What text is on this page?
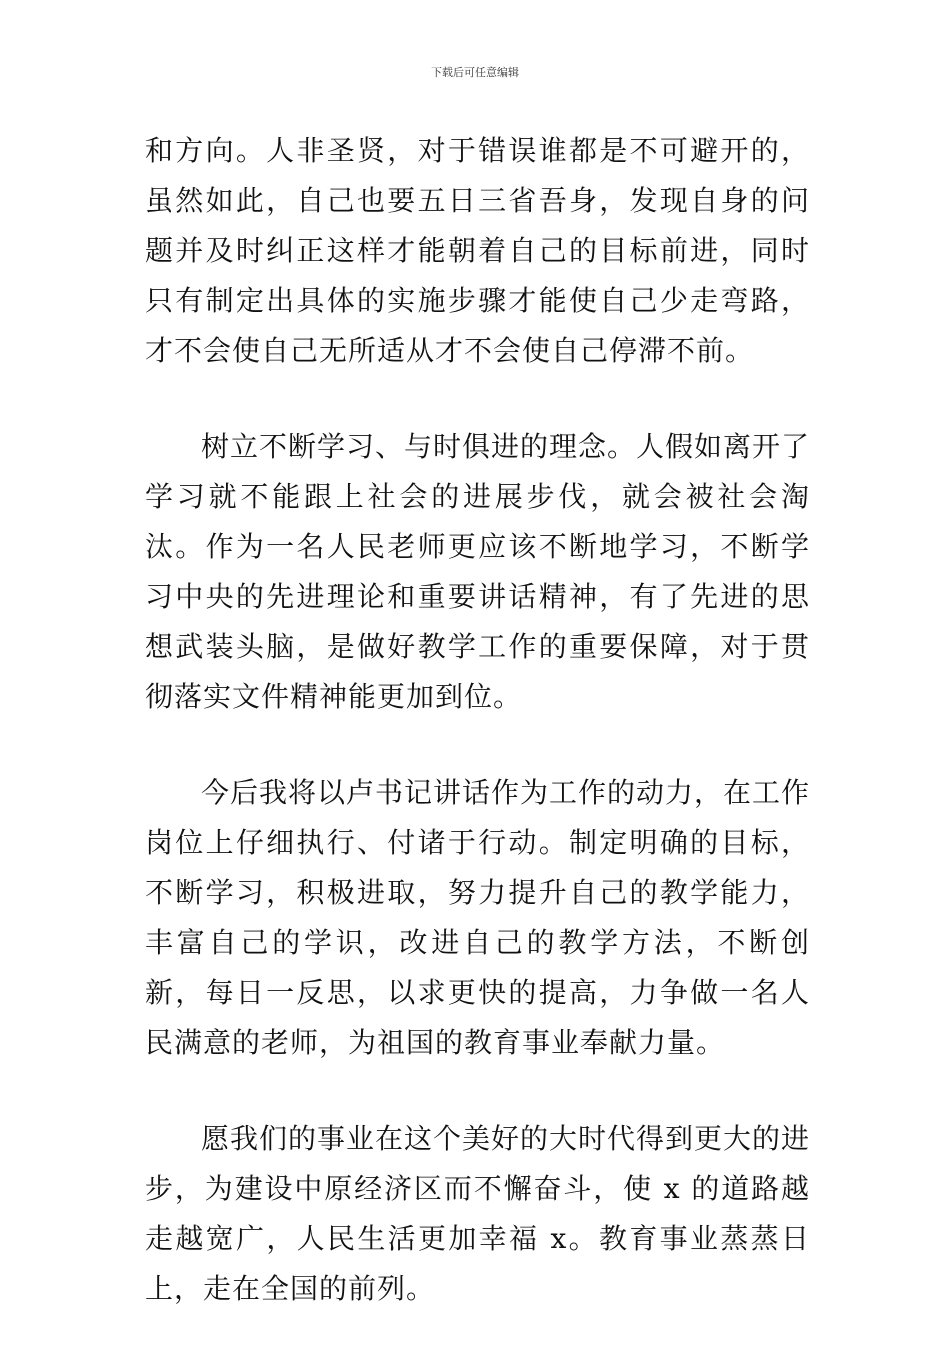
下载后可任意编辑

和方向。人非圣贤，对于错误谁都是不可避开的，虽然如此，自己也要五日三省吾身，发现自身的问题并及时纠正这样才能朝着自己的目标前进，同时只有制定出具体的实施步骤才能使自己少走弯路，才不会使自己无所适从才不会使自己停滞不前。

树立不断学习、与时俱进的理念。人假如离开了学习就不能跟上社会的进展步伐，就会被社会淘汰。作为一名人民老师更应该不断地学习，不断学习中央的先进理论和重要讲话精神，有了先进的思想武装头脑，是做好教学工作的重要保障，对于贯彻落实文件精神能更加到位。

今后我将以卢书记讲话作为工作的动力，在工作岗位上仔细执行、付诸于行动。制定明确的目标，不断学习，积极进取，努力提升自己的教学能力，丰富自己的学识，改进自己的教学方法，不断创新，每日一反思，以求更快的提高，力争做一名人民满意的老师，为祖国的教育事业奉献力量。

愿我们的事业在这个美好的大时代得到更大的进步，为建设中原经济区而不懈奋斗，使 x 的道路越走越宽广，人民生活更加幸福 x。教育事业蒸蒸日上，走在全国的前列。
